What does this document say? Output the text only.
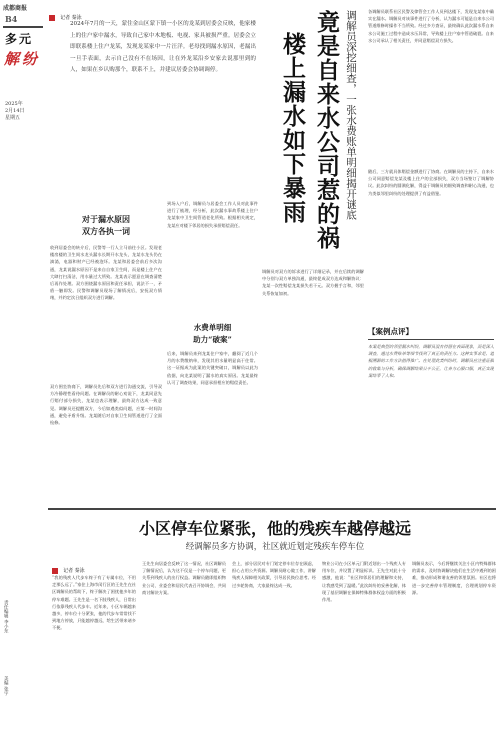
成都商报
B4
多元
解纷
2025年
2月14日
星期五
记者 秦泳
2024年7月的一天，蒙住金山区蒙下镇一小区的龙某到居委会反映，他家楼上的住户家中漏水，导致自己家中木地板、电视、家具被损严重。居委会立即联系楼上住户龙某，发现龙某家中一片汪洋。老母找到漏水原因，老漏出一旦手表面，去示自己没有不在场因，让在外龙某沿乡安家去说那里到的人，如果在乡认购那个，联系不上，并建议居委会协调调停。
对于漏水原因
双方各执一词
收到居委会的转介后，民警等一行人立马前往小区。发现老楼房楼的卫生间水龙头漏水长期开水龙头，龙某水龙头仍在滴淌，电器和财产已经被泡坏。龙某和居委会前后多次沟通，龙某说漏水原因不是来自自家卫生间，而是楼上住户在大肆打扫清洁，用水量过大所致。龙某表示愿意在调查清楚后再作处理。双方围绕漏水原因和责任承担，说法不一，矛盾一触即发。民警和调解员现场了解情况后，安抚双方情绪，并约定次日组织双方进行调解。
双方围坐协商下，调解员先后和双方进行沟通交流，引导双方冷静理性看待问题。在调解员的耐心劝说下，龙某同意先行赔付部分损失，龙某也表示理解，最终双方达成一致意见。调解员还提醒双方，今后如遇类似问题，应第一时间沟通，避免矛盾升级。龙某随后对自家卫生间管道进行了全面检修。
到场入户后，调解员与居委会工作人员对此事件进行了梳理，经分析，此次漏水事故系楼上住户龙某家中卫生间管道老化所致。根据相关规定，龙某应对楼下邻居的损失承担赔偿责任。
水费单明细
助力“破案”
后来，调解员来到龙某住户家中，翻阅了近几个月的水费缴纳单，发现其用水量明显高于往常。这一证据成为此案的关键突破口，调解员以此为依据，向龙某说明了漏水的真实原因。龙某最终认可了调查结果，同意承担相应的赔偿责任。
调解员深挖细查，一张水费账单明细揭开谜底
竟是自来水公司惹的祸
楼上漏水如下暴雨
调解员对双方的诉求进行了详细记录，并在后续的调解中分别与双方单独沟通，最终促成双方达成和解协议：龙某一次性赔偿龙某损失若干元。双方握手言和，邻里关系恢复如初。
各调解员联系社区民警及律管会工作人员到达楼下，发现龙某家中确实在漏水。调解员对该事件进行了分析，认为漏水可能是自来水公司管道维修时操作不当所致。经过多方查证，最终确认此次漏水系自来水公司施工过程中造成水压异常，导致楼上住户家中管道破裂。自来水公司承认了相关责任，并同意赔偿双方损失。
随后，三方就具体赔偿金额进行了协商。在调解员的主持下，自来水公司同意赔偿龙某及楼上住户的全部损失，双方当场签订了调解协议。此次纠纷的圆满化解，得益于调解员的细致调查和耐心沟通，也为类似邻里纠纷的处理提供了有益借鉴。
【案例点评】
本案是典型的邻里漏水纠纷，调解员没有停留在表面现象，而是深入调查，通过水费账单等细节找到了真正的责任方。这种实事求是、追根溯源的工作方法值得推广。在处理此类纠纷时，调解员应注重证据的收集与分析，确保调解结果公平公正，让各方心服口服，真正实现案结事了人和。
小区停车位紧张，他的残疾车越停越远
经调解员多方协调，社区就近划定残疾车停车位
记者 秦泳
“我的残疾人代步车终于有了专属车位，不用走那么远了。”家住上海市闵行区的王先生在社区调解员的帮助下，终于解决了困扰他多年的停车难题。王先生是一名下肢残疾人，日常出行依靠残疾人代步车。近年来，小区车辆越来越多，停车位十分紧张，他的代步车常常找不到地方停放，只能越停越远，给生活带来诸多不便。
王先生向居委会反映了这一情况，社区调解员了解情况后，认为这不仅是一个停车问题，更关系到残疾人的出行权益。调解员随即组织物业公司、业委会和居民代表召开协调会，共同商讨解决方案。
会上，部分居民对专门划定停车位存在顾虑，担心占用公共资源。调解员耐心做工作，讲解残疾人保障相关政策，引导居民换位思考。经过多轮协商，大家最终达成一致。
物业公司在小区单元门附近划出一个残疾人专用车位，并设置了明显标识。王先生对此十分感激，他说：“社区和邻居们的理解和支持，让我感受到了温暖。”此次纠纷的妥善化解，体现了基层调解在保障特殊群体权益方面的积极作用。
调解员表示，今后将继续关注小区内特殊群体的需求，及时协调解决他们在生活中遇到的困难，推动形成和谐友善的邻里氛围。社区也将进一步完善停车管理制度，合理规划停车资源。
责任编辑 李小东
美编 张宇
